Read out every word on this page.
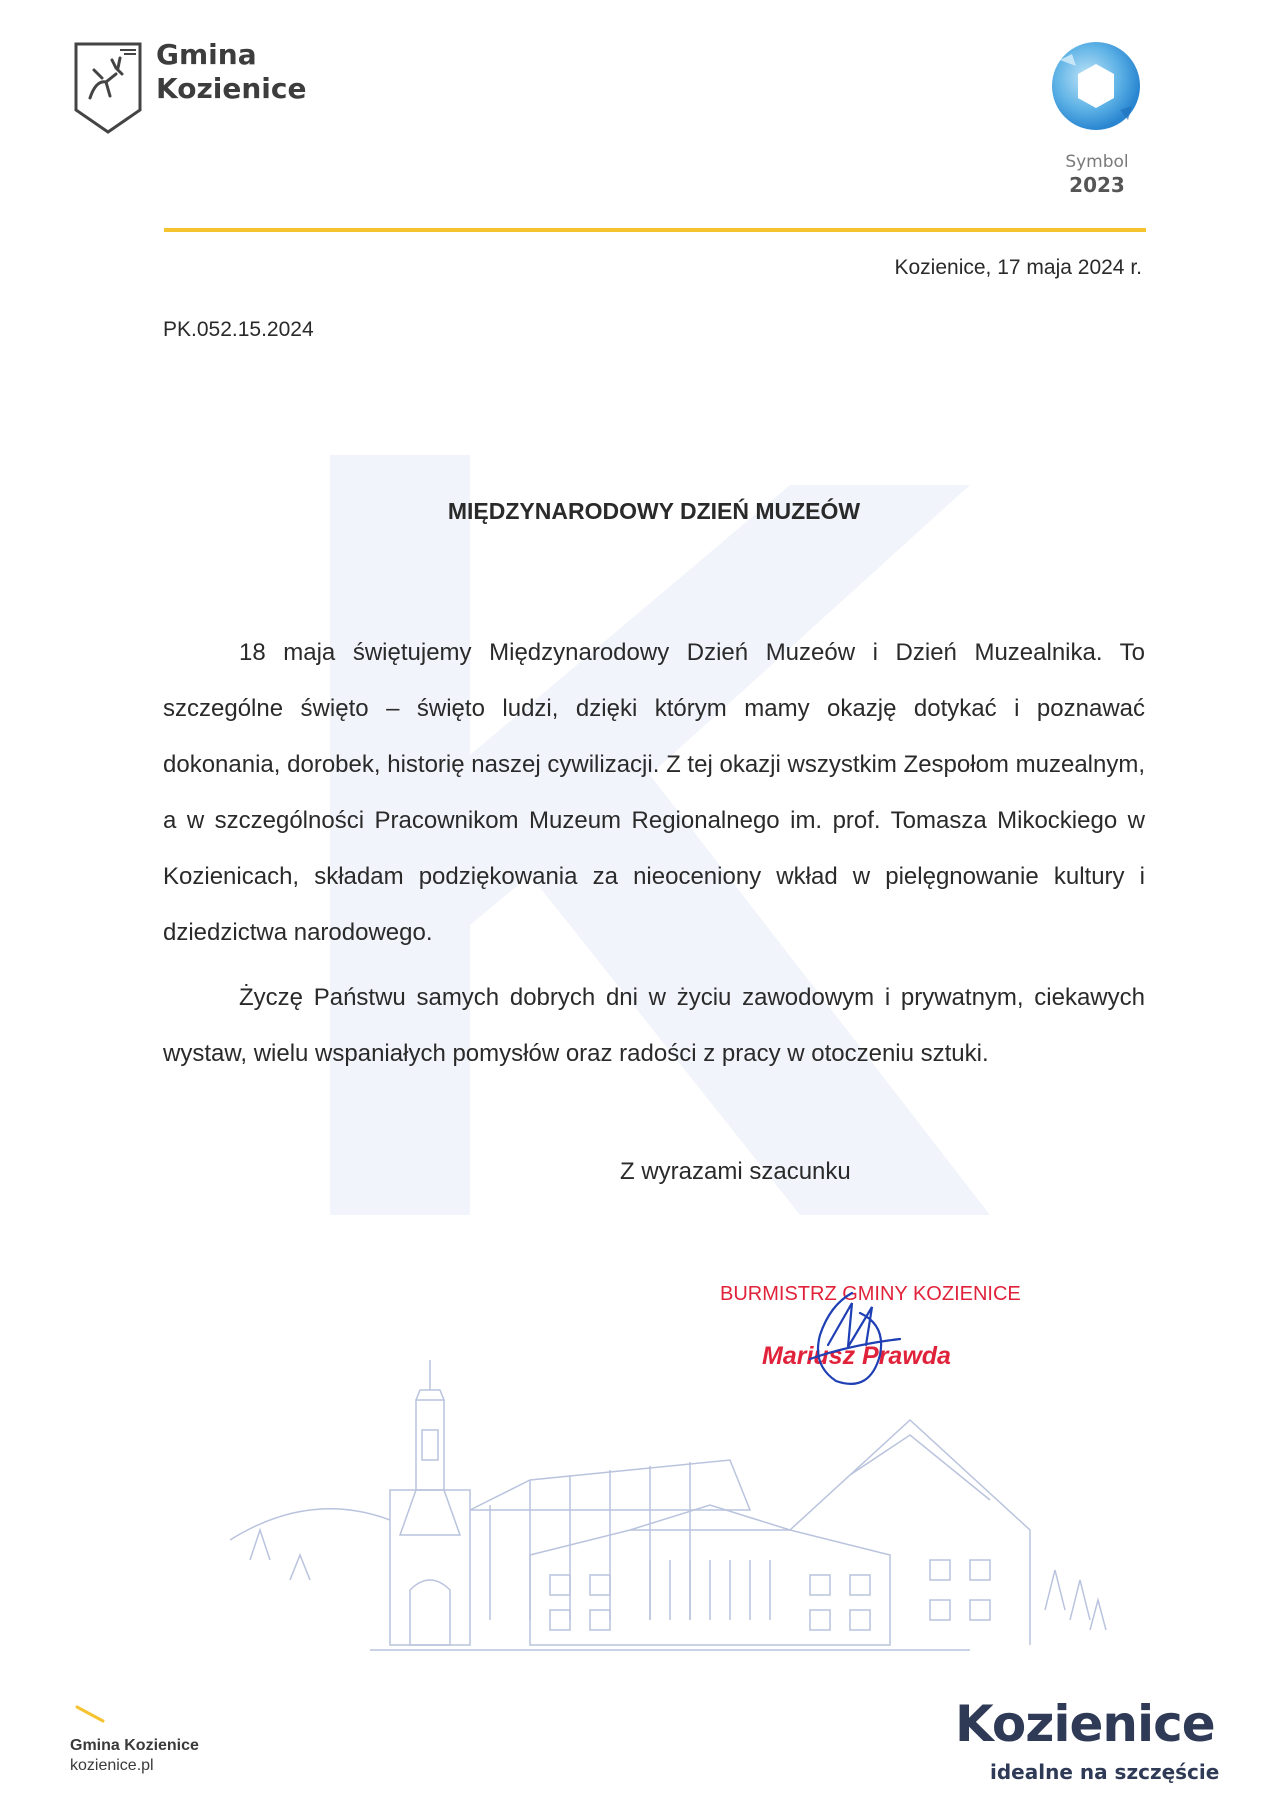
Gmina
Kozienice
Symbol
2023
Kozienice, 17 maja 2024 r.
PK.052.15.2024
MIĘDZYNARODOWY DZIEŃ MUZEÓW

18 maja świętujemy Międzynarodowy Dzień Muzeów i Dzień Muzealnika. To szczególne święto – święto ludzi, dzięki którym mamy okazję dotykać i poznawać dokonania, dorobek, historię naszej cywilizacji. Z tej okazji wszystkim Zespołom muzealnym, a w szczególności Pracownikom Muzeum Regionalnego im. prof. Tomasza Mikockiego w Kozienicach, składam podziękowania za nieoceniony wkład w pielęgnowanie kultury i dziedzictwa narodowego.

Życzę Państwu samych dobrych dni w życiu zawodowym i prywatnym, ciekawych wystaw, wielu wspaniałych pomysłów oraz radości z pracy w otoczeniu sztuki.

Z wyrazami szacunku
BURMISTRZ GMINY KOZIENICE
Mariusz Prawda
Gmina Kozienice
kozienice.pl
Kozienice
idealne na szczęście
